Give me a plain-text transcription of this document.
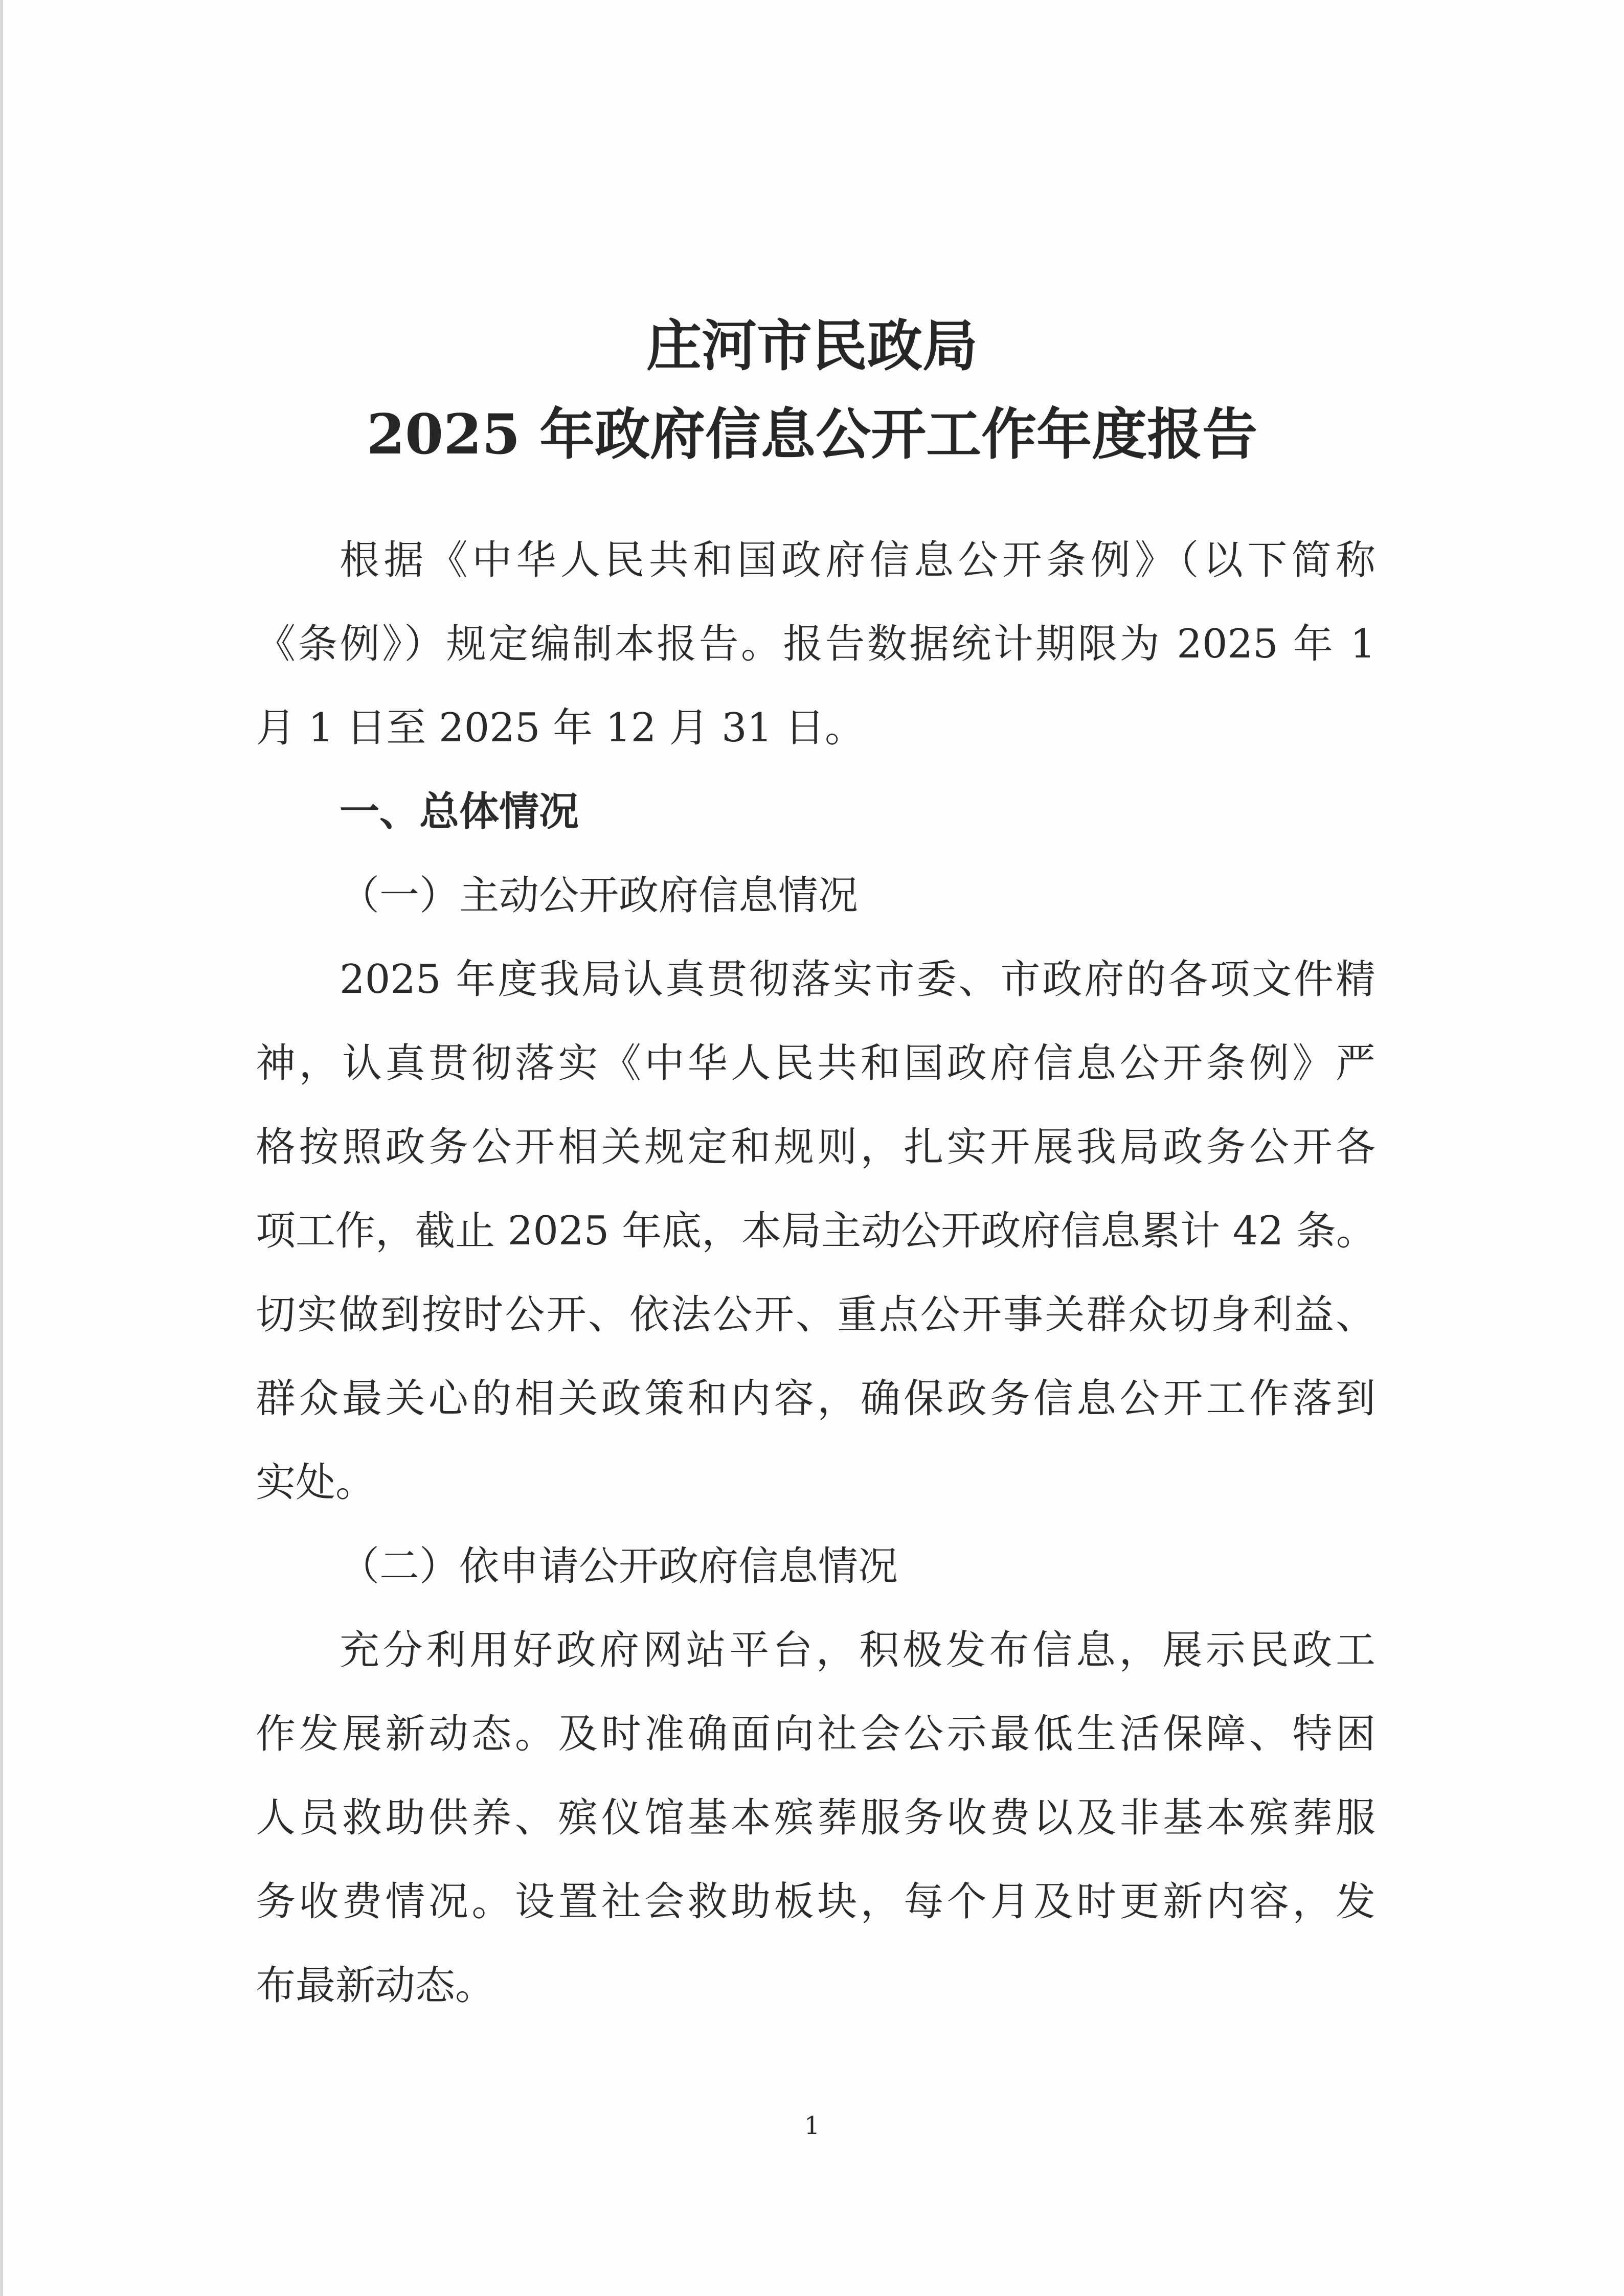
庄河市民政局
2025 年政府信息公开工作年度报告
根据《中华人民共和国政府信息公开条例》（以下简称
《条例》）规定编制本报告。报告数据统计期限为 2025 年 1
月 1 日至 2025 年 12 月 31 日。
一、总体情况
（一）主动公开政府信息情况
2025 年度我局认真贯彻落实市委、市政府的各项文件精
神，认真贯彻落实《中华人民共和国政府信息公开条例》严
格按照政务公开相关规定和规则，扎实开展我局政务公开各
项工作，截止 2025 年底，本局主动公开政府信息累计 42 条。
切实做到按时公开、依法公开、重点公开事关群众切身利益、
群众最关心的相关政策和内容，确保政务信息公开工作落到
实处。
（二）依申请公开政府信息情况
充分利用好政府网站平台，积极发布信息，展示民政工
作发展新动态。及时准确面向社会公示最低生活保障、特困
人员救助供养、殡仪馆基本殡葬服务收费以及非基本殡葬服
务收费情况。设置社会救助板块，每个月及时更新内容，发
布最新动态。
1
